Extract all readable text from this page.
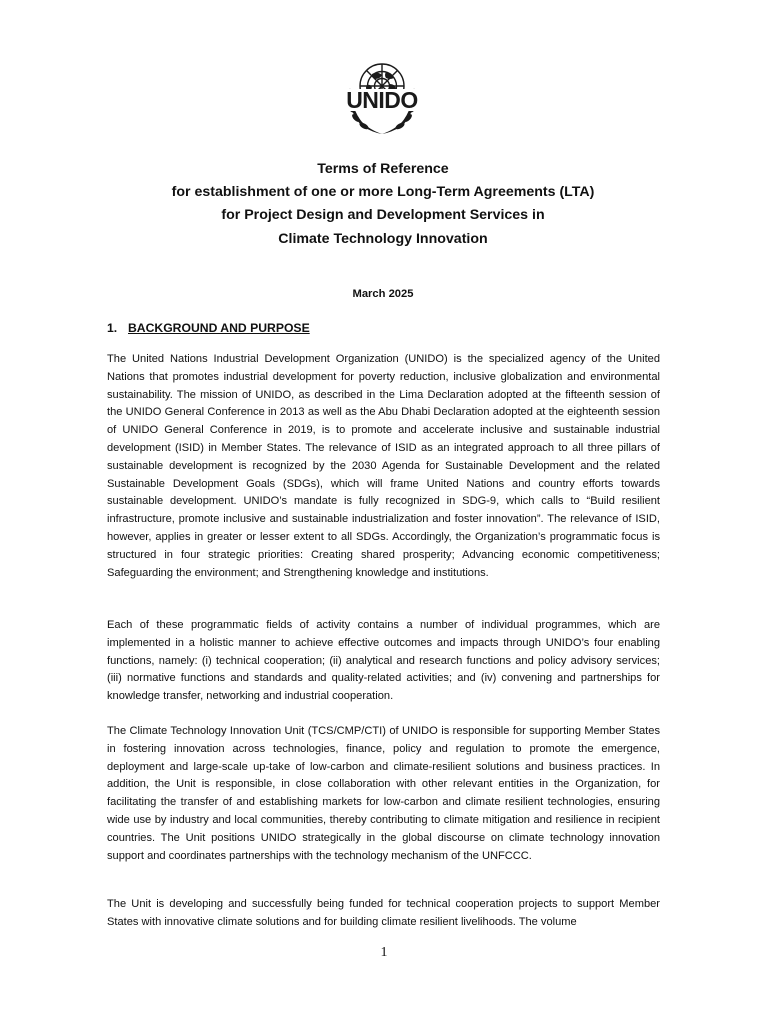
UNIDO
Terms of Reference
for establishment of one or more Long-Term Agreements (LTA)
for Project Design and Development Services in
Climate Technology Innovation
March 2025
1. BACKGROUND AND PURPOSE

The United Nations Industrial Development Organization (UNIDO) is the specialized agency of the United Nations that promotes industrial development for poverty reduction, inclusive globalization and environmental sustainability. The mission of UNIDO, as described in the Lima Declaration adopted at the fifteenth session of the UNIDO General Conference in 2013 as well as the Abu Dhabi Declaration adopted at the eighteenth session of UNIDO General Conference in 2019, is to promote and accelerate inclusive and sustainable industrial development (ISID) in Member States. The relevance of ISID as an integrated approach to all three pillars of sustainable development is recognized by the 2030 Agenda for Sustainable Development and the related Sustainable Development Goals (SDGs), which will frame United Nations and country efforts towards sustainable development. UNIDO’s mandate is fully recognized in SDG-9, which calls to “Build resilient infrastructure, promote inclusive and sustainable industrialization and foster innovation”. The relevance of ISID, however, applies in greater or lesser extent to all SDGs. Accordingly, the Organization’s programmatic focus is structured in four strategic priorities: Creating shared prosperity; Advancing economic competitiveness; Safeguarding the environment; and Strengthening knowledge and institutions.

Each of these programmatic fields of activity contains a number of individual programmes, which are implemented in a holistic manner to achieve effective outcomes and impacts through UNIDO’s four enabling functions, namely: (i) technical cooperation; (ii) analytical and research functions and policy advisory services; (iii) normative functions and standards and quality-related activities; and (iv) convening and partnerships for knowledge transfer, networking and industrial cooperation.

The Climate Technology Innovation Unit (TCS/CMP/CTI) of UNIDO is responsible for supporting Member States in fostering innovation across technologies, finance, policy and regulation to promote the emergence, deployment and large-scale up-take of low-carbon and climate-resilient solutions and business practices. In addition, the Unit is responsible, in close collaboration with other relevant entities in the Organization, for facilitating the transfer of and establishing markets for low-carbon and climate resilient technologies, ensuring wide use by industry and local communities, thereby contributing to climate mitigation and resilience in recipient countries. The Unit positions UNIDO strategically in the global discourse on climate technology innovation support and coordinates partnerships with the technology mechanism of the UNFCCC.

The Unit is developing and successfully being funded for technical cooperation projects to support Member States with innovative climate solutions and for building climate resilient livelihoods. The volume

1
